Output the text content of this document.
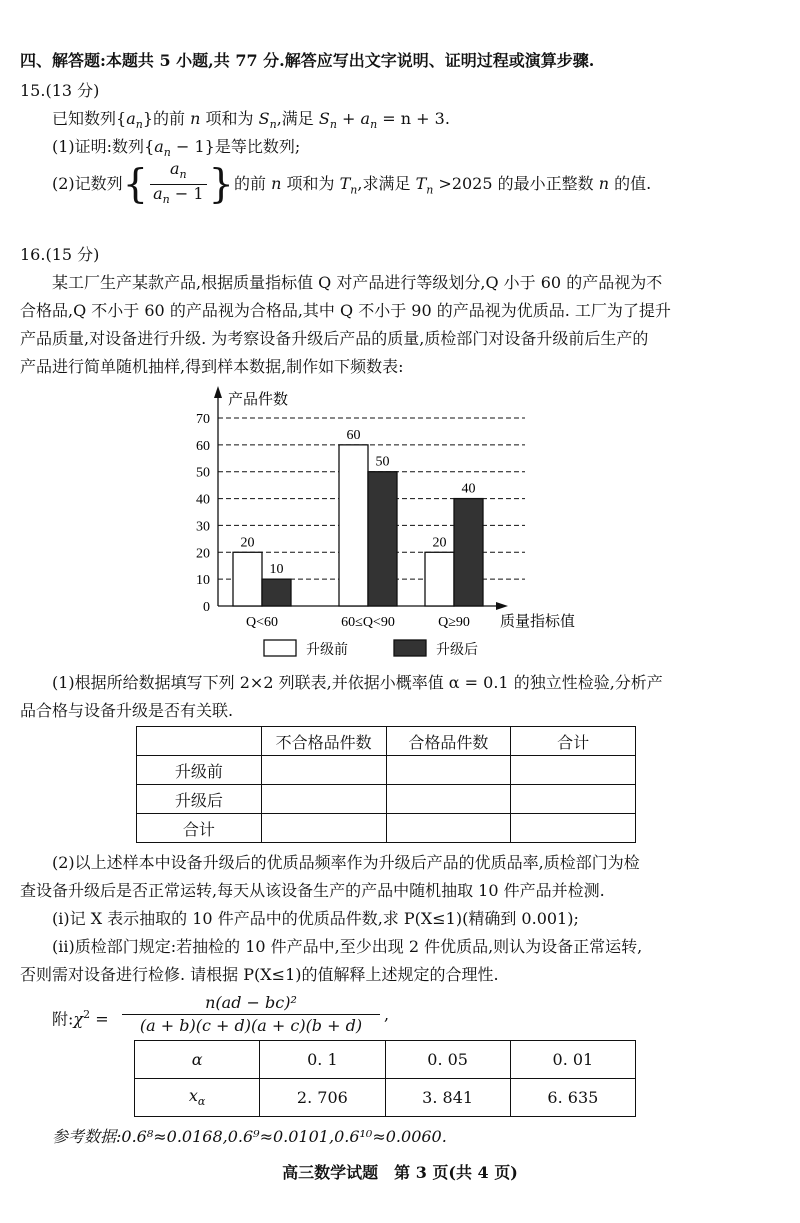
四、解答题:本题共 5 小题,共 77 分.解答应写出文字说明、证明过程或演算步骤.
15.(13 分)
已知数列$\{a_n\}$的前 n 项和为 $S_n$,满足 $S_n + a_n = n + 3$.
(1)证明:数列$\{a_n - 1\}$是等比数列;
(2)记数列{ $\frac{a_n}{a_n - 1}$ }的前 n 项和为 $T_n$,求满足 $T_n >2025$ 的最小正整数 n 的值.
16.(15 分)
某工厂生产某款产品,根据质量指标值 Q 对产品进行等级划分,Q 小于 60 的产品视为不
合格品,Q 不小于 60 的产品视为合格品,其中 Q 不小于 90 的产品视为优质品. 工厂为了提升
产品质量,对设备进行升级. 为考察设备升级后产品的质量,质检部门对设备升级前后生产的
产品进行简单随机抽样,得到样本数据,制作如下频数表:
0
10
20
30
40
50
60
70
产品件数
质量指标值
20
10
Q<60
60
50
60≤Q<90
20
40
Q≥90
升级前	升级后
(1)根据所给数据填写下列 2×2 列联表,并依据小概率值 α = 0.1 的独立性检验,分析产
品合格与设备升级是否有关联.
	不合格品件数	合格品件数	合计
升级前			
升级后			
合计			
(2)以上述样本中设备升级后的优质品频率作为升级后产品的优质品率,质检部门为检
查设备升级后是否正常运转,每天从该设备生产的产品中随机抽取 10 件产品并检测.
(i)记 X 表示抽取的 10 件产品中的优质品件数,求 P(X≤1)(精确到 0.001);
(ii)质检部门规定:若抽检的 10 件产品中,至少出现 2 件优质品,则认为设备正常运转,
否则需对设备进行检修. 请根据 P(X≤1)的值解释上述规定的合理性.
附$:\chi^2 = \frac{\text{n(ad − bc)²}}{(a + b)(c + d)(a + c)(b + d)}$ ,
α	0. 1	0. 05	0. 01
$x_\alpha$	2. 706	3. 841	6. 635
参考数据:0.6⁸≈0.0168,0.6⁹≈0.0101,0.6¹⁰≈0.0060.
高三数学试题　第 3 页(共 4 页)
